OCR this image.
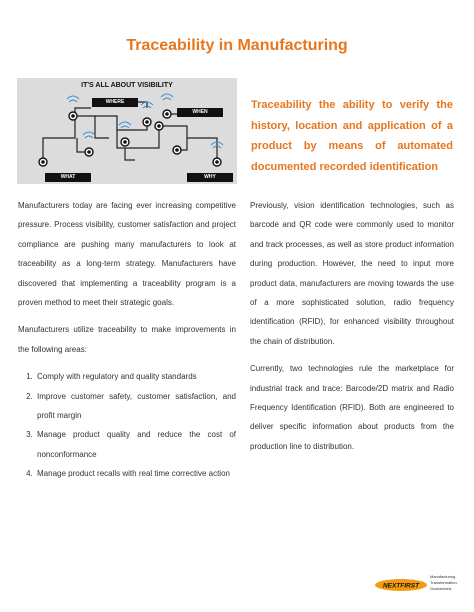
Traceability in Manufacturing
IT'S ALL ABOUT VISIBILITY
WHERE
WHEN
WHAT	WHY
Traceability the ability to verify the history, location and application of a product by means of automated documented recorded identification

Manufacturers today are facing ever increasing competitive pressure. Process visibility, customer satisfaction and project compliance are pushing many manufacturers to look at traceability as a long-term strategy. Manufacturers have discovered that implementing a traceability program is a proven method to meet their strategic goals.

Manufacturers utilize traceability to make improvements in the following areas:

1. Comply with regulatory and quality standards
2. Improve customer safety, customer satisfaction, and profit margin
3. Manage product quality and reduce the cost of nonconformance
4. Manage product recalls with real time corrective action

Previously, vision identification technologies, such as barcode and QR code were commonly used to monitor and track processes, as well as store product information during production. However, the need to input more product data, manufacturers are moving towards the use of a more sophisticated solution, radio frequency identification (RFID), for enhanced visibility throughout the chain of distribution.

Currently, two technologies rule the marketplace for industrial track and trace: Barcode/2D matrix and Radio Frequency Identification (RFID). Both are engineered to deliver specific information about products from the production line to distribution.

NEXTFIRST
Manufacturing
Transformation.
Guaranteed.
